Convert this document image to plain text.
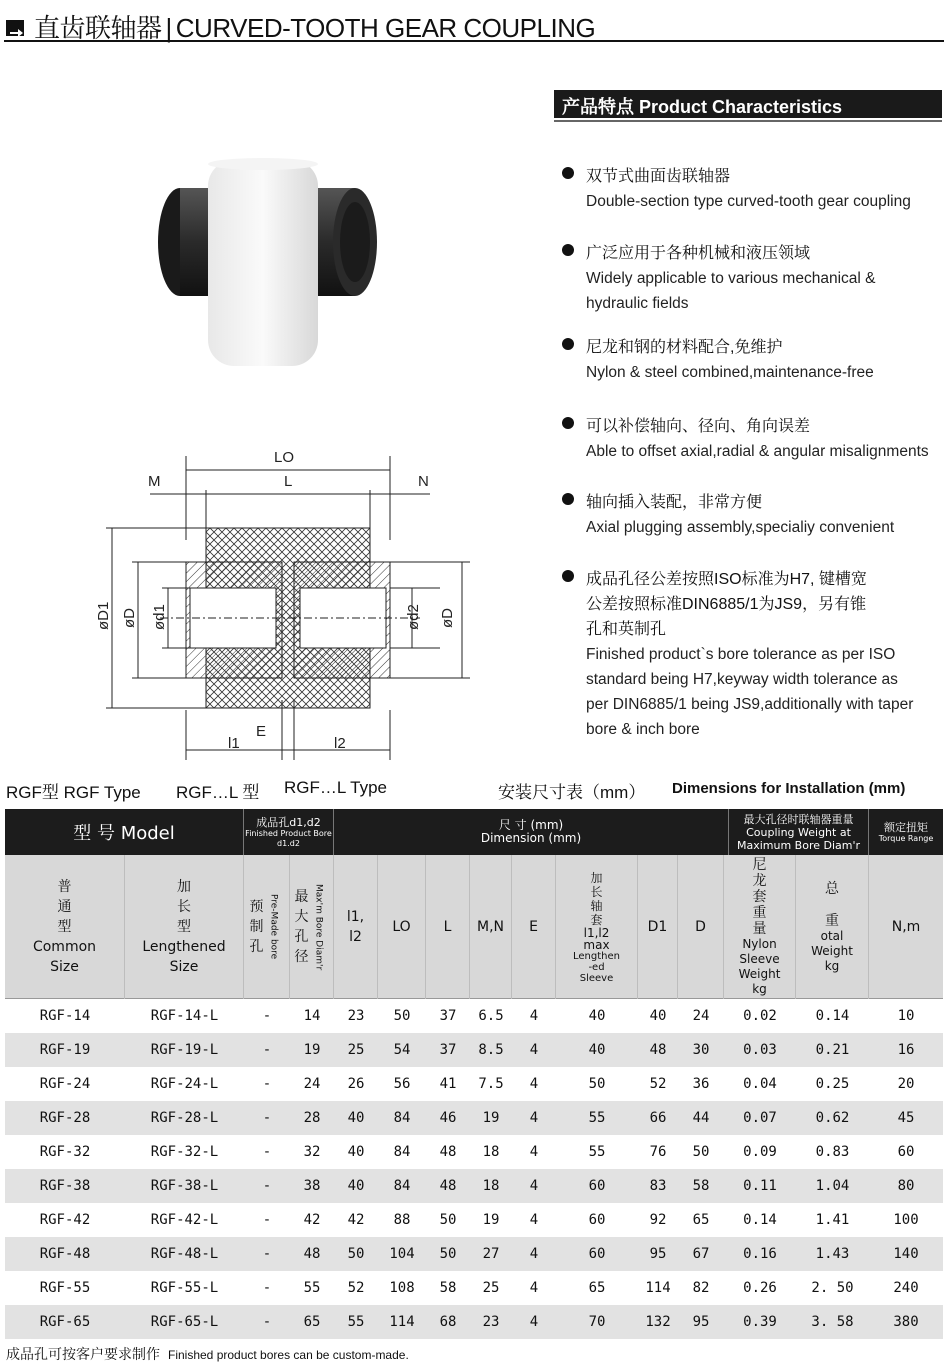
直齿联轴器 | CURVED-TOOTH GEAR COUPLING
产品特点 Product Characteristics
双节式曲面齿联轴器
Double-section type curved-tooth gear coupling
广泛应用于各种机械和液压领域
Widely applicable to various mechanical &
hydraulic fields
尼龙和钢的材料配合,免维护
Nylon & steel combined,maintenance-free
可以补偿轴向、径向、角向误差
Able to offset axial,radial & angular misalignments
轴向插入装配，非常方便
Axial plugging assembly,specialiy convenient
成品孔径公差按照ISO标准为H7, 键槽宽
公差按照标准DIN6885/1为JS9，另有锥
孔和英制孔
Finished product`s bore tolerance as per ISO
standard being H7,keyway width tolerance as
per DIN6885/1 being JS9,additionally with taper
bore & inch bore
LO
L
M	N
øD1 øD ød1	ød2 øD
l1
E
l2
RGF型 RGF Type RGF…L 型 RGF…L Type	安装尺寸表（mm） Dimensions for Installation (mm)
型 号 Model
成品孔d1,d2
Finished Product Bore d1.d2
尺 寸 (mm)
Dimension (mm)
最大孔径时联轴器重量
Coupling Weight at
Maximum Bore Diam'r
额定扭矩
Torque Range
普
通
型
Common
Size
加
长
型
Lengthened
Size
预
制
孔 Pre-Made bore	最
大
孔
径 Max'm Bore Diam'r	l1,
l2
LO L M,N E
加
长
轴
套
l1,l2
max
Lengthen
-ed
Sleeve
D1 D
尼
龙
套
重
量
Nylon
Sleeve
Weight
kg
总

重
otal
Weight
kg
N,m
RGF-14	RGF-14-L	-	14	23	50	37	6.5	4	40	40	24	0.02	0.14	10
RGF-19	RGF-19-L	-	19	25	54	37	8.5	4	40	48	30	0.03	0.21	16
RGF-24	RGF-24-L	-	24	26	56	41	7.5	4	50	52	36	0.04	0.25	20
RGF-28	RGF-28-L	-	28	40	84	46	19	4	55	66	44	0.07	0.62	45
RGF-32	RGF-32-L	-	32	40	84	48	18	4	55	76	50	0.09	0.83	60
RGF-38	RGF-38-L	-	38	40	84	48	18	4	60	83	58	0.11	1.04	80
RGF-42	RGF-42-L	-	42	42	88	50	19	4	60	92	65	0.14	1.41	100
RGF-48	RGF-48-L	-	48	50	104	50	27	4	60	95	67	0.16	1.43	140
RGF-55	RGF-55-L	-	55	52	108	58	25	4	65	114	82	0.26	2. 50	240
RGF-65	RGF-65-L	-	65	55	114	68	23	4	70	132	95	0.39	3. 58	380
成品孔可按客户要求制作 Finished product bores can be custom-made.
